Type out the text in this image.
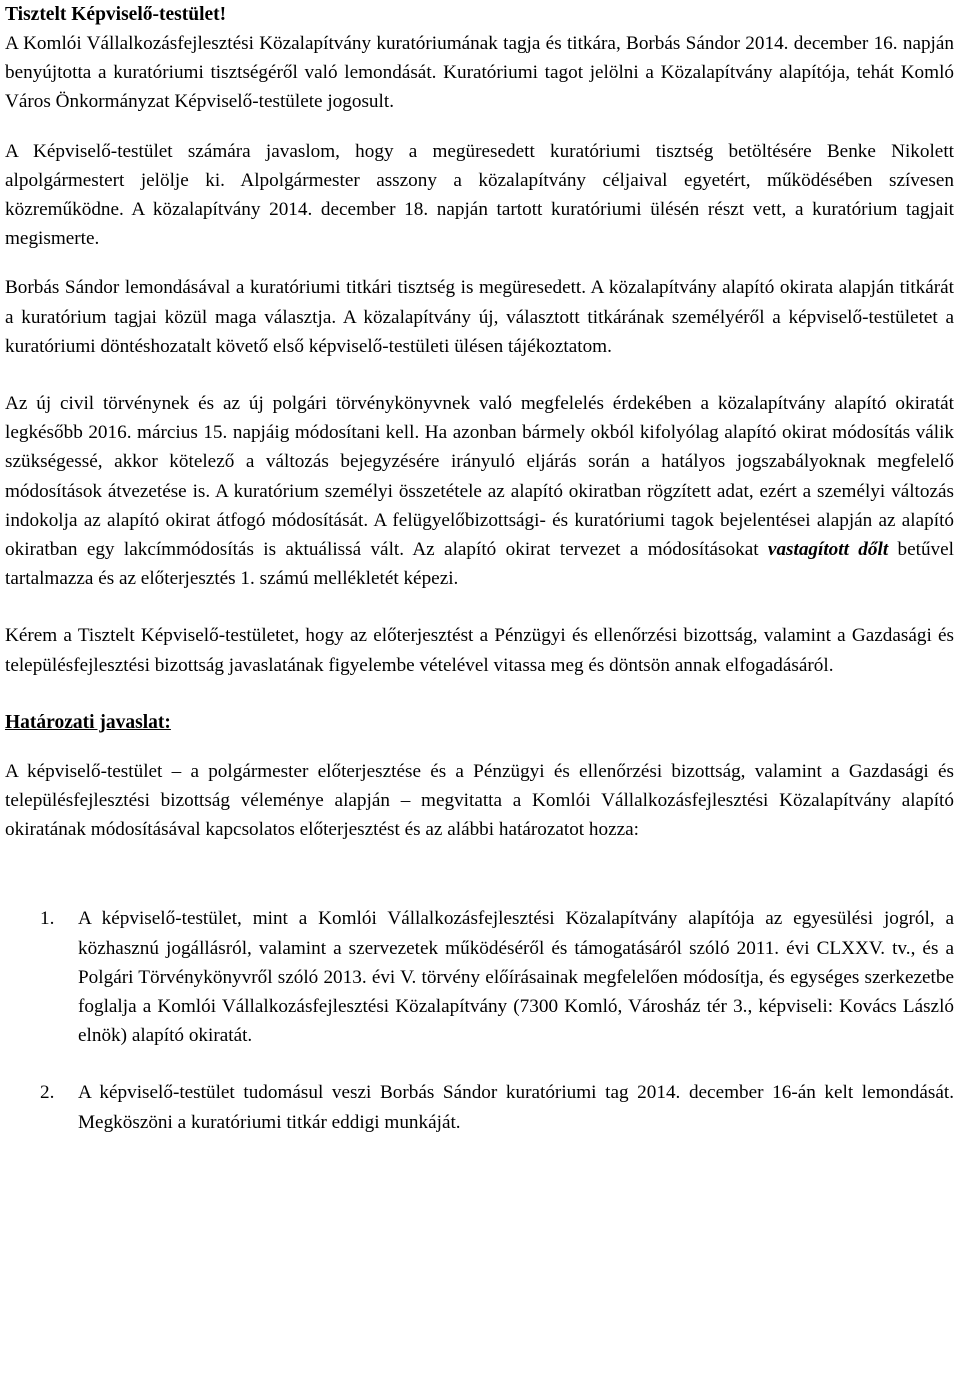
Tisztelt Képviselő-testület!

A Komlói Vállalkozásfejlesztési Közalapítvány kuratóriumának tagja és titkára, Borbás Sándor 2014. december 16. napján benyújtotta a kuratóriumi tisztségéről való lemondását. Kuratóriumi tagot jelölni a Közalapítvány alapítója, tehát Komló Város Önkormányzat Képviselő-testülete jogosult.

A Képviselő-testület számára javaslom, hogy a megüresedett kuratóriumi tisztség betöltésére Benke Nikolett alpolgármestert jelölje ki. Alpolgármester asszony a közalapítvány céljaival egyetért, működésében szívesen közreműködne. A közalapítvány 2014. december 18. napján tartott kuratóriumi ülésén részt vett, a kuratórium tagjait megismerte.

Borbás Sándor lemondásával a kuratóriumi titkári tisztség is megüresedett. A közalapítvány alapító okirata alapján titkárát a kuratórium tagjai közül maga választja. A közalapítvány új, választott titkárának személyéről a képviselő-testületet a kuratóriumi döntéshozatalt követő első képviselő-testületi ülésen tájékoztatom.

Az új civil törvénynek és az új polgári törvénykönyvnek való megfelelés érdekében a közalapítvány alapító okiratát legkésőbb 2016. március 15. napjáig módosítani kell. Ha azonban bármely okból kifolyólag alapító okirat módosítás válik szükségessé, akkor kötelező a változás bejegyzésére irányuló eljárás során a hatályos jogszabályoknak megfelelő módosítások átvezetése is. A kuratórium személyi összetétele az alapító okiratban rögzített adat, ezért a személyi változás indokolja az alapító okirat átfogó módosítását. A felügyelőbizottsági- és kuratóriumi tagok bejelentései alapján az alapító okiratban egy lakcímmódosítás is aktuálissá vált. Az alapító okirat tervezet a módosításokat vastagított dőlt betűvel tartalmazza és az előterjesztés 1. számú mellékletét képezi.

Kérem a Tisztelt Képviselő-testületet, hogy az előterjesztést a Pénzügyi és ellenőrzési bizottság, valamint a Gazdasági és településfejlesztési bizottság javaslatának figyelembe vételével vitassa meg és döntsön annak elfogadásáról.

Határozati javaslat:

A képviselő-testület – a polgármester előterjesztése és a Pénzügyi és ellenőrzési bizottság, valamint a Gazdasági és településfejlesztési bizottság véleménye alapján – megvitatta a Komlói Vállalkozásfejlesztési Közalapítvány alapító okiratának módosításával kapcsolatos előterjesztést és az alábbi határozatot hozza:

1.	A képviselő-testület, mint a Komlói Vállalkozásfejlesztési Közalapítvány alapítója az egyesülési jogról, a közhasznú jogállásról, valamint a szervezetek működéséről és támogatásáról szóló 2011. évi CLXXV. tv., és a Polgári Törvénykönyvről szóló 2013. évi V. törvény előírásainak megfelelően módosítja, és egységes szerkezetbe foglalja a Komlói Vállalkozásfejlesztési Közalapítvány (7300 Komló, Városház tér 3., képviseli: Kovács László elnök) alapító okiratát.
2.	A képviselő-testület tudomásul veszi Borbás Sándor kuratóriumi tag 2014. december 16-án kelt lemondását. Megköszöni a kuratóriumi titkár eddigi munkáját.
